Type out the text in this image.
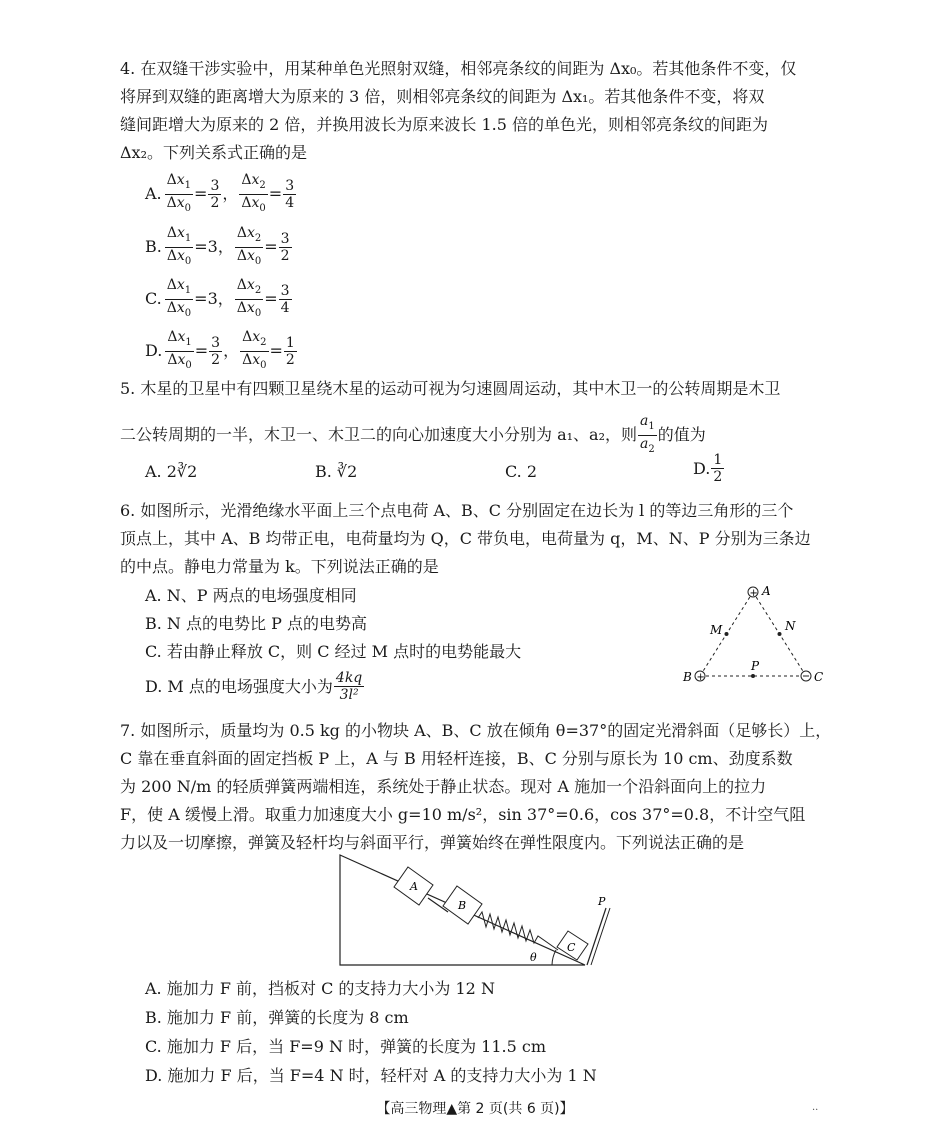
4. 在双缝干涉实验中，用某种单色光照射双缝，相邻亮条纹的间距为 Δx₀。若其他条件不变，仅
将屏到双缝的距离增大为原来的 3 倍，则相邻亮条纹的间距为 Δx₁。若其他条件不变，将双
缝间距增大为原来的 2 倍，并换用波长为原来波长 1.5 倍的单色光，则相邻亮条纹的间距为
Δx₂。下列关系式正确的是
A. $\frac{\Delta x_1}{\Delta x_0} = \frac{3}{2}$ ， $\frac{\Delta x_2}{\Delta x_0} = \frac{3}{4}$
B. $\frac{\Delta x_1}{\Delta x_0} = 3$ ， $\frac{\Delta x_2}{\Delta x_0} = \frac{3}{2}$
C. $\frac{\Delta x_1}{\Delta x_0} = 3$ ， $\frac{\Delta x_2}{\Delta x_0} = \frac{3}{4}$
D. $\frac{\Delta x_1}{\Delta x_0} = \frac{3}{2}$ ， $\frac{\Delta x_2}{\Delta x_0} = \frac{1}{2}$
5. 木星的卫星中有四颗卫星绕木星的运动可视为匀速圆周运动，其中木卫一的公转周期是木卫
二公转周期的一半，木卫一、木卫二的向心加速度大小分别为 a₁、a₂，则 $\frac{a_1}{a_2}$ 的值为
A. 2∛2	B. ∛2	C. 2	D. $\frac{1}{2}$
6. 如图所示，光滑绝缘水平面上三个点电荷 A、B、C 分别固定在边长为 l 的等边三角形的三个
顶点上，其中 A、B 均带正电，电荷量均为 Q，C 带负电，电荷量为 q，M、N、P 分别为三条边
的中点。静电力常量为 k。下列说法正确的是
A. N、P 两点的电场强度相同
B. N 点的电势比 P 点的电势高
C. 若由静止释放 C，则 C 经过 M 点时的电势能最大
D. M 点的电场强度大小为 $\frac{4kq}{\text{3l²}}$
+
+
A
B	C
M	N
P
7. 如图所示，质量均为 0.5 kg 的小物块 A、B、C 放在倾角 θ=37°的固定光滑斜面（足够长）上，
C 靠在垂直斜面的固定挡板 P 上，A 与 B 用轻杆连接，B、C 分别与原长为 10 cm、劲度系数
为 200 N/m 的轻质弹簧两端相连，系统处于静止状态。现对 A 施加一个沿斜面向上的拉力
F，使 A 缓慢上滑。取重力加速度大小 g=10 m/s²，sin 37°=0.6，cos 37°=0.8，不计空气阻
力以及一切摩擦，弹簧及轻杆均与斜面平行，弹簧始终在弹性限度内。下列说法正确的是
A
B
C
P
θ
A. 施加力 F 前，挡板对 C 的支持力大小为 12 N
B. 施加力 F 前，弹簧的长度为 8 cm
C. 施加力 F 后，当 F=9 N 时，弹簧的长度为 11.5 cm
D. 施加力 F 后，当 F=4 N 时，轻杆对 A 的支持力大小为 1 N
【高三物理▲第 2 页(共 6 页)】	··
